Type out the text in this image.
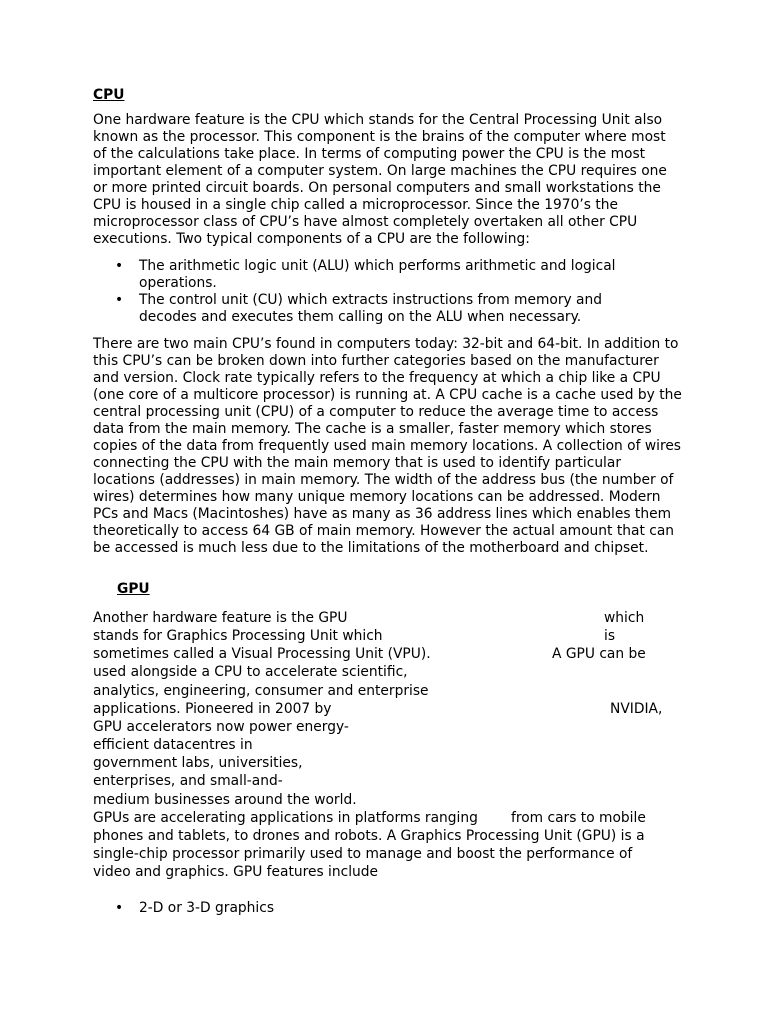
CPU
One hardware feature is the CPU which stands for the Central Processing Unit also known as the processor. This component is the brains of the computer where most of the calculations take place. In terms of computing power the CPU is the most important element of a computer system. On large machines the CPU requires one or more printed circuit boards. On personal computers and small workstations the CPU is housed in a single chip called a microprocessor. Since the 1970’s the microprocessor class of CPU’s have almost completely overtaken all other CPU executions. Two typical components of a CPU are the following:
• The arithmetic logic unit (ALU) which performs arithmetic and logical operations.
• The control unit (CU) which extracts instructions from memory and decodes and executes them calling on the ALU when necessary.
There are two main CPU’s found in computers today: 32-bit and 64-bit. In addition to this CPU’s can be broken down into further categories based on the manufacturer and version. Clock rate typically refers to the frequency at which a chip like a CPU (one core of a multicore processor) is running at. A CPU cache is a cache used by the central processing unit (CPU) of a computer to reduce the average time to access data from the main memory. The cache is a smaller, faster memory which stores copies of the data from frequently used main memory locations. A collection of wires connecting the CPU with the main memory that is used to identify particular locations (addresses) in main memory. The width of the address bus (the number of wires) determines how many unique memory locations can be addressed. Modern PCs and Macs (Macintoshes) have as many as 36 address lines which enables them theoretically to access 64 GB of main memory. However the actual amount that can be accessed is much less due to the limitations of the motherboard and chipset.
GPU
Another hardware feature is the GPU	which
stands for Graphics Processing Unit which	is
sometimes called a Visual Processing Unit (VPU).	A GPU can be
used alongside a CPU to accelerate scientific,
analytics, engineering, consumer and enterprise
applications. Pioneered in 2007 by	NVIDIA,
GPU accelerators now power energy-
efficient datacentres in
government labs, universities,
enterprises, and small-and-
medium businesses around the world.
GPUs are accelerating applications in platforms ranging from cars to mobile
phones and tablets, to drones and robots. A Graphics Processing Unit (GPU) is a
single-chip processor primarily used to manage and boost the performance of
video and graphics. GPU features include
• 2-D or 3-D graphics
